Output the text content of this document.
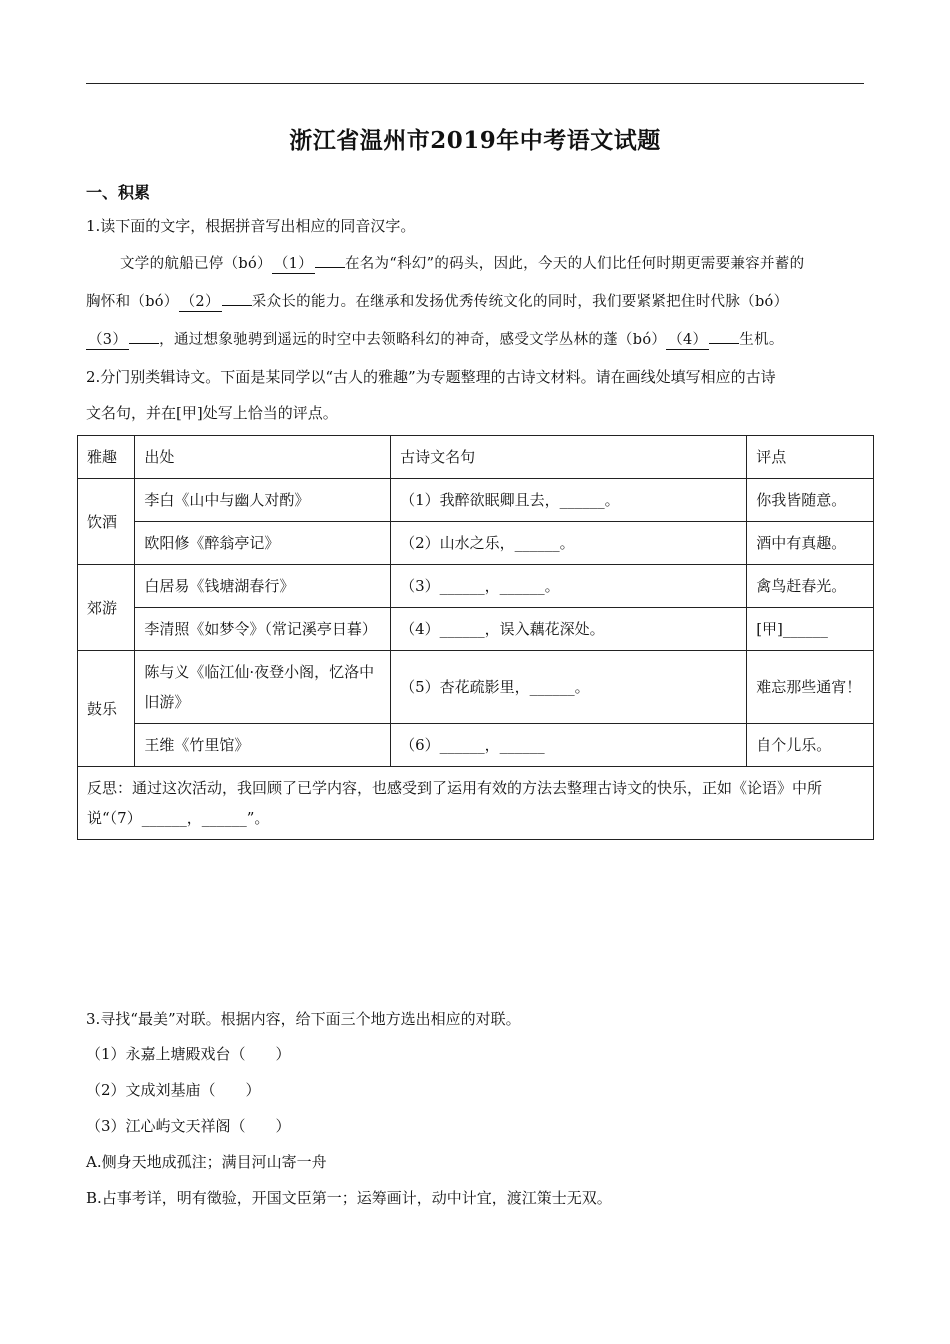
浙江省温州市2019年中考语文试题
一、积累
1.读下面的文字，根据拼音写出相应的同音汉字。
文学的航船已停（bó） （1） 在名为“科幻”的码头，因此，今天的人们比任何时期更需要兼容并蓄的
胸怀和（bó） （2） 采众长的能力。在继承和发扬优秀传统文化的同时，我们要紧紧把住时代脉（bó）
（3） ，通过想象驰骋到遥远的时空中去领略科幻的神奇，感受文学丛林的蓬（bó） （4） 生机。
2.分门别类辑诗文。下面是某同学以“古人的雅趣”为专题整理的古诗文材料。请在画线处填写相应的古诗
文名句，并在[甲]处写上恰当的评点。
雅趣	出处	古诗文名句	评点
饮酒	李白《山中与幽人对酌》	（1）我醉欲眠卿且去，______。	你我皆随意。
	欧阳修《醉翁亭记》	（2）山水之乐，______。	酒中有真趣。
郊游	白居易《钱塘湖春行》	（3）______，______。	禽鸟赶春光。
	李清照《如梦令》（常记溪亭日暮）	（4）______，误入藕花深处。	[甲]______
鼓乐	陈与义《临江仙·夜登小阁，忆洛中旧游》	（5）杏花疏影里，______。	难忘那些通宵！
	王维《竹里馆》	（6）______，______	自个儿乐。
反思：通过这次活动，我回顾了已学内容，也感受到了运用有效的方法去整理古诗文的快乐，正如《论语》中所说“（7）______，______”。			
3.寻找“最美”对联。根据内容，给下面三个地方选出相应的对联。
（1）永嘉上塘殿戏台（　　）
（2）文成刘基庙（　　）
（3）江心屿文天祥阁（　　）
A.侧身天地成孤注；满目河山寄一舟
B.占事考详，明有徵验，开国文臣第一；运筹画计，动中计宜，渡江策士无双。
